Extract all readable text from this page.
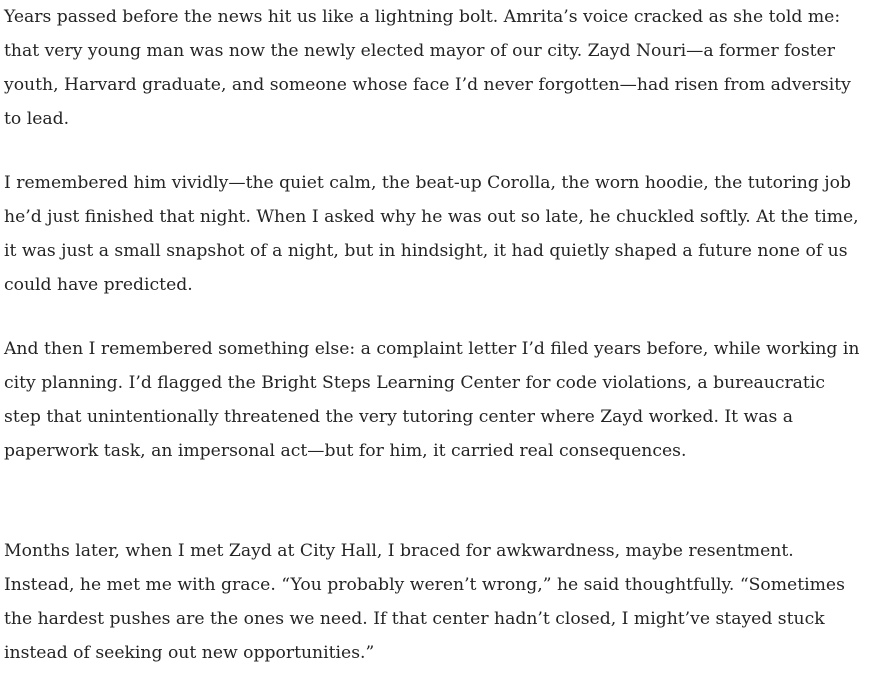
Years passed before the news hit us like a lightning bolt. Amrita’s voice cracked as she told me: that very young man was now the newly elected mayor of our city. Zayd Nouri—a former foster youth, Harvard graduate, and someone whose face I’d never forgotten—had risen from adversity to lead.

I remembered him vividly—the quiet calm, the beat-up Corolla, the worn hoodie, the tutoring job he’d just finished that night. When I asked why he was out so late, he chuckled softly. At the time, it was just a small snapshot of a night, but in hindsight, it had quietly shaped a future none of us could have predicted.

And then I remembered something else: a complaint letter I’d filed years before, while working in city planning. I’d flagged the Bright Steps Learning Center for code violations, a bureaucratic step that unintentionally threatened the very tutoring center where Zayd worked. It was a paperwork task, an impersonal act—but for him, it carried real consequences.

Months later, when I met Zayd at City Hall, I braced for awkwardness, maybe resentment. Instead, he met me with grace. “You probably weren’t wrong,” he said thoughtfully. “Sometimes the hardest pushes are the ones we need. If that center hadn’t closed, I might’ve stayed stuck instead of seeking out new opportunities.”
